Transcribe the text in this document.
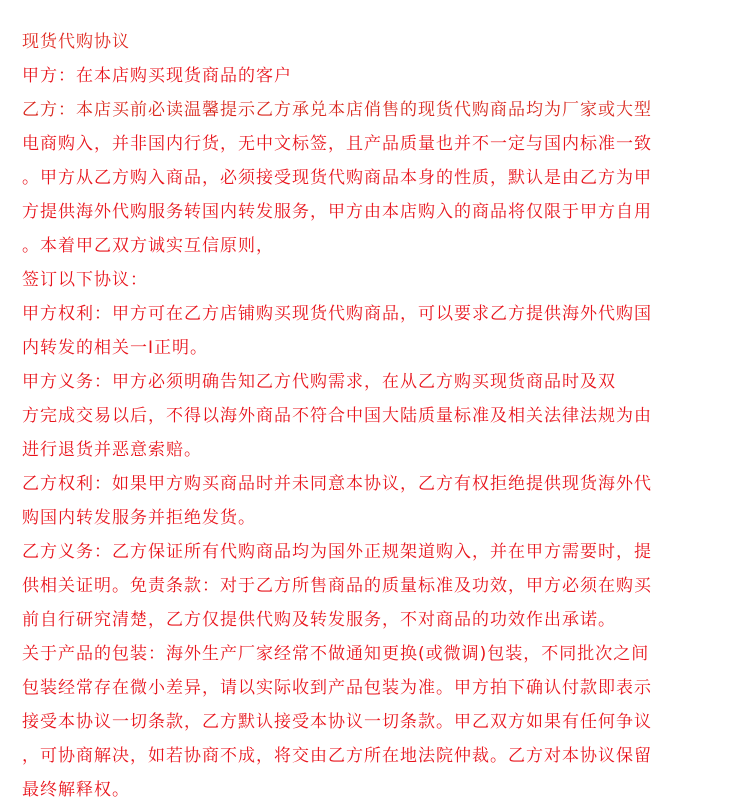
现货代购协议
甲方：在本店购买现货商品的客户
乙方：本店买前必读温馨提示乙方承兑本店俏售的现货代购商品均为厂家或大型
电商购入，并非国内行货，无中文标签，且产品质量也并不一定与国内标准一致
。甲方从乙方购入商品，必须接受现货代购商品本身的性质，默认是由乙方为甲
方提供海外代购服务转国内转发服务，甲方由本店购入的商品将仅限于甲方自用
。本着甲乙双方诚实互信原则，
签订以下协议：
甲方权利：甲方可在乙方店铺购买现货代购商品，可以要求乙方提供海外代购国
内转发的相关一I正明。
甲方义务：甲方必须明确告知乙方代购需求，在从乙方购买现货商品时及双
方完成交易以后，不得以海外商品不符合中国大陆质量标准及相关法律法规为由
进行退货并恶意索赔。
乙方权利：如果甲方购买商品时并未同意本协议，乙方有权拒绝提供现货海外代
购国内转发服务并拒绝发货。
乙方义务：乙方保证所有代购商品均为国外正规架道购入，并在甲方需要时，提
供相关证明。免责条款：对于乙方所售商品的质量标准及功效，甲方必须在购买
前自行研究清楚，乙方仅提供代购及转发服务，不对商品的功效作出承诺。
关于产品的包装：海外生产厂家经常不做通知更换(或微调)包装，不同批次之间
包装经常存在微小差异，请以实际收到产品包装为准。甲方拍下确认付款即表示
接受本协议一切条款，乙方默认接受本协议一切条款。甲乙双方如果有任何争议
，可协商解决，如若协商不成，将交由乙方所在地法院仲裁。乙方对本协议保留
最终解释权。
